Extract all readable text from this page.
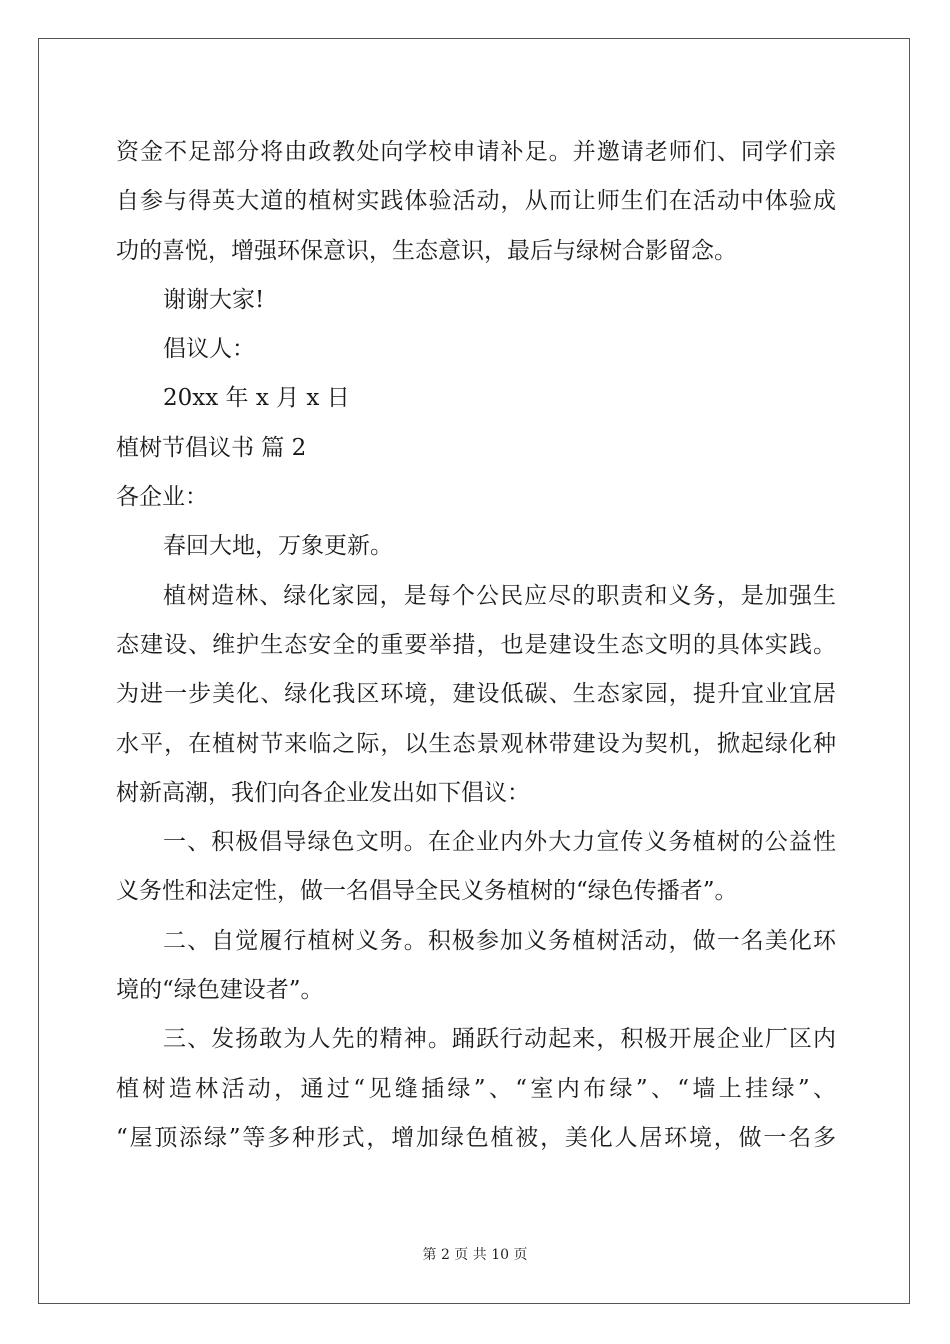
资金不足部分将由政教处向学校申请补足。并邀请老师们、同学们亲
自参与得英大道的植树实践体验活动，从而让师生们在活动中体验成
功的喜悦，增强环保意识，生态意识，最后与绿树合影留念。
谢谢大家!
倡议人：
20xx 年 x 月 x 日
植树节倡议书 篇 2
各企业：
春回大地，万象更新。
植树造林、绿化家园，是每个公民应尽的职责和义务，是加强生
态建设、维护生态安全的重要举措，也是建设生态文明的具体实践。
为进一步美化、绿化我区环境，建设低碳、生态家园，提升宜业宜居
水平，在植树节来临之际，以生态景观林带建设为契机，掀起绿化种
树新高潮，我们向各企业发出如下倡议：
一、积极倡导绿色文明。在企业内外大力宣传义务植树的公益性
义务性和法定性，做一名倡导全民义务植树的“绿色传播者”。
二、自觉履行植树义务。积极参加义务植树活动，做一名美化环
境的“绿色建设者”。
三、发扬敢为人先的精神。踊跃行动起来，积极开展企业厂区内
植树造林活动，通过“见缝插绿”、“室内布绿”、“墙上挂绿”、
“屋顶添绿”等多种形式，增加绿色植被，美化人居环境，做一名多
第 2 页 共 10 页
